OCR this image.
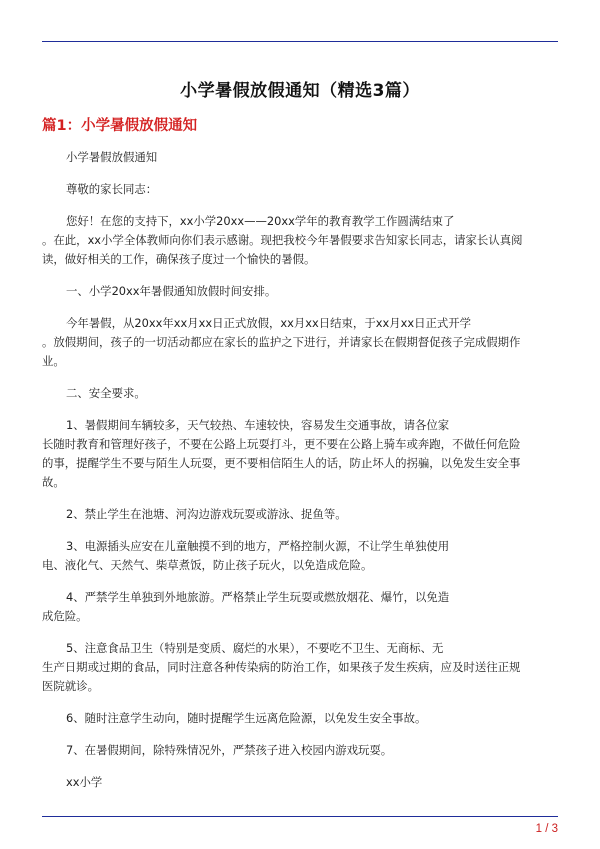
小学暑假放假通知（精选3篇）
篇1：小学暑假放假通知
小学暑假放假通知
尊敬的家长同志：
您好！在您的支持下，xx小学20xx——20xx学年的教育教学工作圆满结束了
。在此，xx小学全体教师向你们表示感谢。现把我校今年暑假要求告知家长同志，请家长认真阅
读，做好相关的工作，确保孩子度过一个愉快的暑假。
一、小学20xx年暑假通知放假时间安排。
今年暑假，从20xx年xx月xx日正式放假，xx月xx日结束，于xx月xx日正式开学
。放假期间，孩子的一切活动都应在家长的监护之下进行，并请家长在假期督促孩子完成假期作
业。
二、安全要求。
1、暑假期间车辆较多，天气较热、车速较快，容易发生交通事故，请各位家
长随时教育和管理好孩子，不要在公路上玩耍打斗，更不要在公路上骑车或奔跑，不做任何危险
的事，提醒学生不要与陌生人玩耍，更不要相信陌生人的话，防止坏人的拐骗，以免发生安全事
故。
2、禁止学生在池塘、河沟边游戏玩耍或游泳、捉鱼等。
3、电源插头应安在儿童触摸不到的地方，严格控制火源，不让学生单独使用
电、液化气、天然气、柴草煮饭，防止孩子玩火，以免造成危险。
4、严禁学生单独到外地旅游。严格禁止学生玩耍或燃放烟花、爆竹，以免造
成危险。
5、注意食品卫生（特别是变质、腐烂的水果），不要吃不卫生、无商标、无
生产日期或过期的食品，同时注意各种传染病的防治工作，如果孩子发生疾病，应及时送往正规
医院就诊。
6、随时注意学生动向，随时提醒学生远离危险源，以免发生安全事故。
7、在暑假期间，除特殊情况外，严禁孩子进入校园内游戏玩耍。
xx小学
1 / 3
